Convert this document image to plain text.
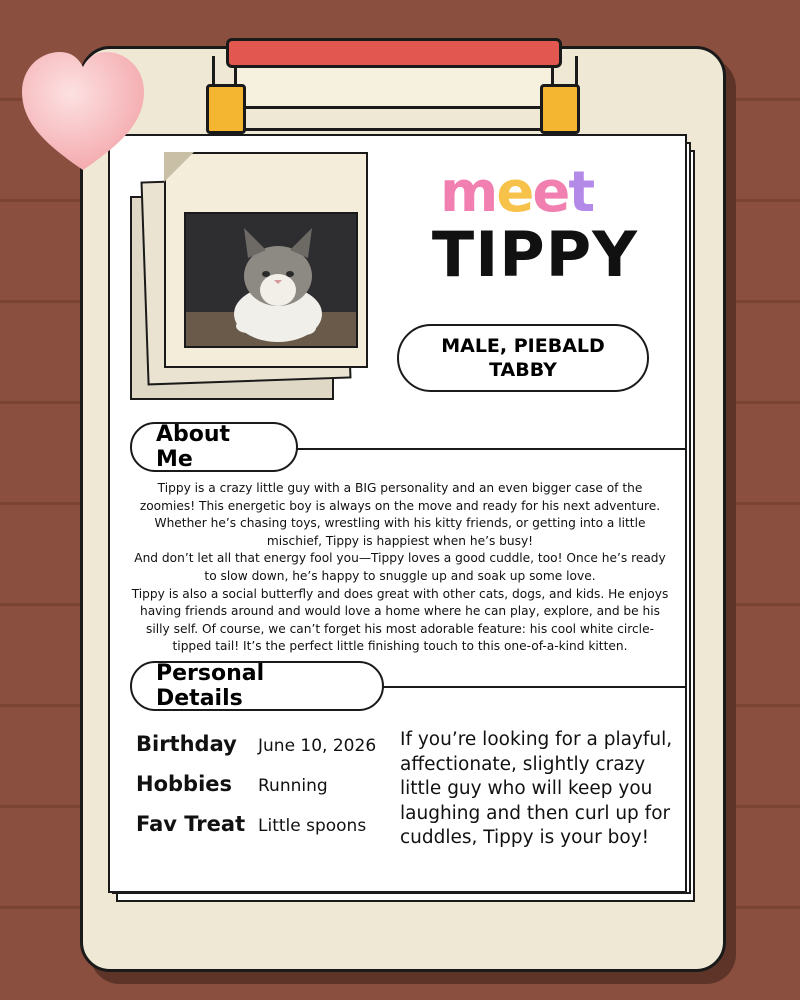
meet
TIPPY
MALE, PIEBALD TABBY
About Me

Tippy is a crazy little guy with a BIG personality and an even bigger case of the zoomies! This energetic boy is always on the move and ready for his next adventure. Whether he’s chasing toys, wrestling with his kitty friends, or getting into a little mischief, Tippy is happiest when he’s busy!

And don’t let all that energy fool you—Tippy loves a good cuddle, too! Once he’s ready to slow down, he’s happy to snuggle up and soak up some love.

Tippy is also a social butterfly and does great with other cats, dogs, and kids. He enjoys having friends around and would love a home where he can play, explore, and be his silly self. Of course, we can’t forget his most adorable feature: his cool white circle-tipped tail! It’s the perfect little finishing touch to this one-of-a-kind kitten.

Personal Details
Birthday	June 10, 2026
Hobbies	Running
Fav Treat Little spoons
If you’re looking for a playful, affectionate, slightly crazy little guy who will keep you laughing and then curl up for cuddles, Tippy is your boy!
